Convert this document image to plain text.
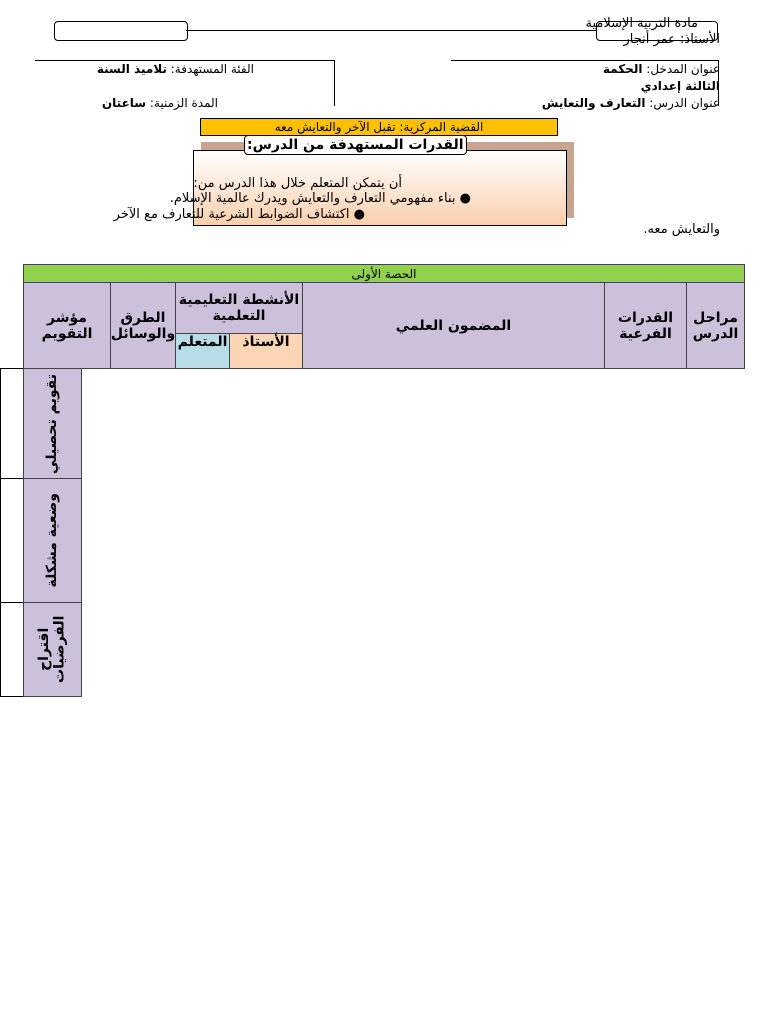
مادة التربية الإسلامية
الأستاذ: عمر أنجار
الفئة المستهدفة: تلاميذ السنة
المدة الزمنية: ساعتان
عنوان المدخل: الحكمة
الثالثة إعدادي
عنوان الدرس: التعارف والتعايش
القضية المركزية: تقبل الآخر والتعايش معه
القدرات المستهدفة من الدرس:
أن يتمكن المتعلم خلال هذا الدرس من:
● بناء مفهومي التعارف والتعايش ويدرك عالمية الإسلام.
● اكتشاف الضوابط الشرعية للتعارف مع الآخر
والتعايش معه.
الحصة الأولى
مراحل الدرس
القدرات الفرعية
المضمون العلمي
الأنشطة التعليمية التعلمية
الأستاذ
المتعلم
الطرق والوسائل
مؤشر التقويم
تقويم تحصيلي
وضعية مشكلة
اقتراح الفرضيات
